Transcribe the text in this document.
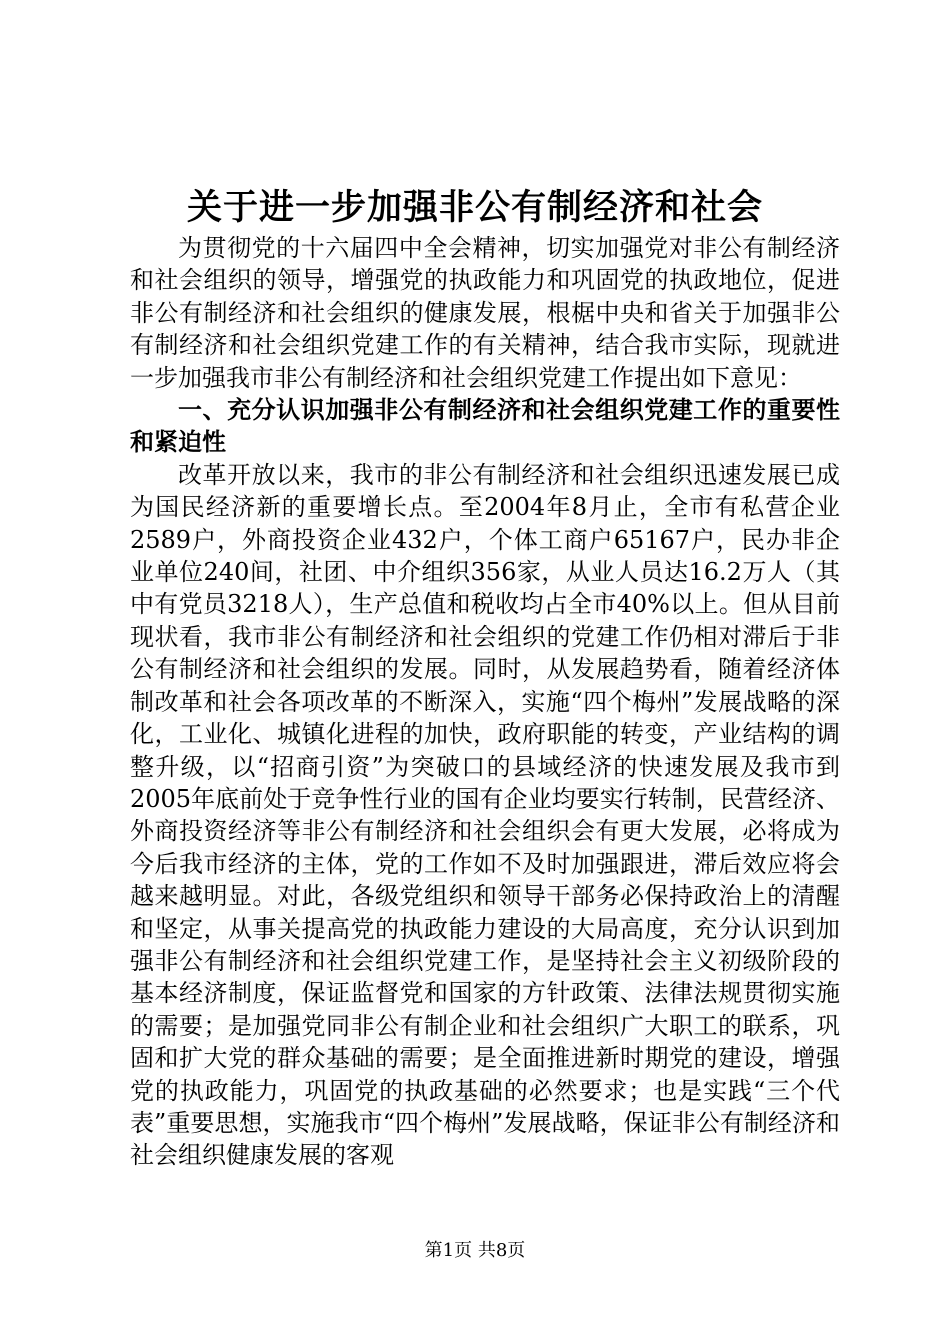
关于进一步加强非公有制经济和社会

为贯彻党的十六届四中全会精神，切实加强党对非公有制经济和社会组织的领导，增强党的执政能力和巩固党的执政地位，促进非公有制经济和社会组织的健康发展，根椐中央和省关于加强非公有制经济和社会组织党建工作的有关精神，结合我市实际，现就进一步加强我市非公有制经济和社会组织党建工作提出如下意见：

一、充分认识加强非公有制经济和社会组织党建工作的重要性和紧迫性

改革开放以来，我市的非公有制经济和社会组织迅速发展已成为国民经济新的重要增长点。至2004年8月止，全市有私营企业2589户，外商投资企业432户，个体工商户65167户，民办非企业单位240间，社团、中介组织356家，从业人员达16.2万人（其中有党员3218人），生产总值和税收均占全市40%以上。但从目前现状看，我市非公有制经济和社会组织的党建工作仍相对滞后于非公有制经济和社会组织的发展。同时，从发展趋势看，随着经济体制改革和社会各项改革的不断深入，实施“四个梅州”发展战略的深化，工业化、城镇化进程的加快，政府职能的转变，产业结构的调整升级，以“招商引资”为突破口的县域经济的快速发展及我市到2005年底前处于竞争性行业的国有企业均要实行转制，民营经济、外商投资经济等非公有制经济和社会组织会有更大发展，必将成为今后我市经济的主体，党的工作如不及时加强跟进，滞后效应将会越来越明显。对此，各级党组织和领导干部务必保持政治上的清醒和坚定，从事关提高党的执政能力建设的大局高度，充分认识到加强非公有制经济和社会组织党建工作，是坚持社会主义初级阶段的基本经济制度，保证监督党和国家的方针政策、法律法规贯彻实施的需要；是加强党同非公有制企业和社会组织广大职工的联系，巩固和扩大党的群众基础的需要；是全面推进新时期党的建设，增强党的执政能力，巩固党的执政基础的必然要求；也是实践“三个代表”重要思想，实施我市“四个梅州”发展战略，保证非公有制经济和社会组织健康发展的客观

第1页 共8页
